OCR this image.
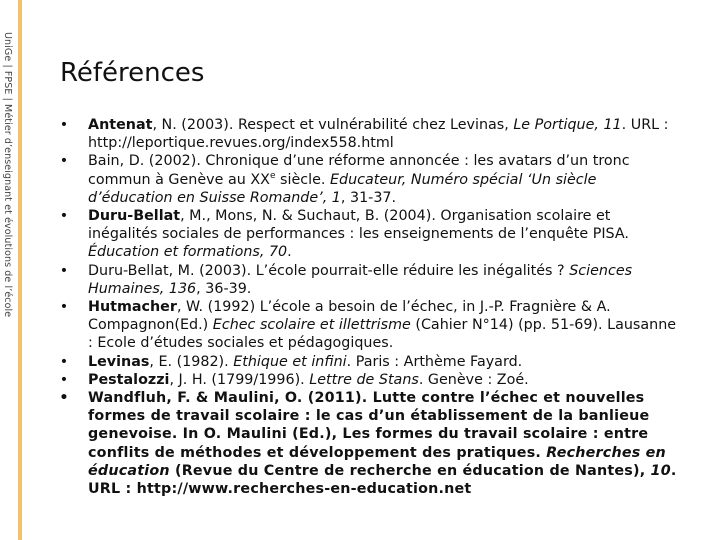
UniGe | FPSE | Métier d’enseignant et évolutions de l’école Références
• Antenat, N. (2003). Respect et vulnérabilité chez Levinas, Le Portique, 11. URL : http://leportique.revues.org/index558.html
• Bain, D. (2002). Chronique d’une réforme annoncée : les avatars d’un tronc commun à Genève au XXe siècle. Educateur, Numéro spécial ‘Un siècle d’éducation en Suisse Romande’, 1, 31-37.
• Duru-Bellat, M., Mons, N. & Suchaut, B. (2004). Organisation scolaire et inégalités sociales de performances : les enseignements de l’enquête PISA. Éducation et formations, 70.
• Duru-Bellat, M. (2003). L’école pourrait-elle réduire les inégalités ? Sciences Humaines, 136, 36-39.
• Hutmacher, W. (1992) L’école a besoin de l’échec, in J.-P. Fragnière & A. Compagnon(Ed.) Echec scolaire et illettrisme (Cahier N°14) (pp. 51-69). Lausanne : Ecole d’études sociales et pédagogiques.
• Levinas, E. (1982). Ethique et infini. Paris : Arthème Fayard.
• Pestalozzi, J. H. (1799/1996). Lettre de Stans. Genève : Zoé.
• Wandfluh, F. & Maulini, O. (2011). Lutte contre l’échec et nouvelles formes de travail scolaire : le cas d’un établissement de la banlieue genevoise. In O. Maulini (Ed.), Les formes du travail scolaire : entre conflits de méthodes et développement des pratiques. Recherches en éducation (Revue du Centre de recherche en éducation de Nantes), 10. URL : http://www.recherches-en-education.net
